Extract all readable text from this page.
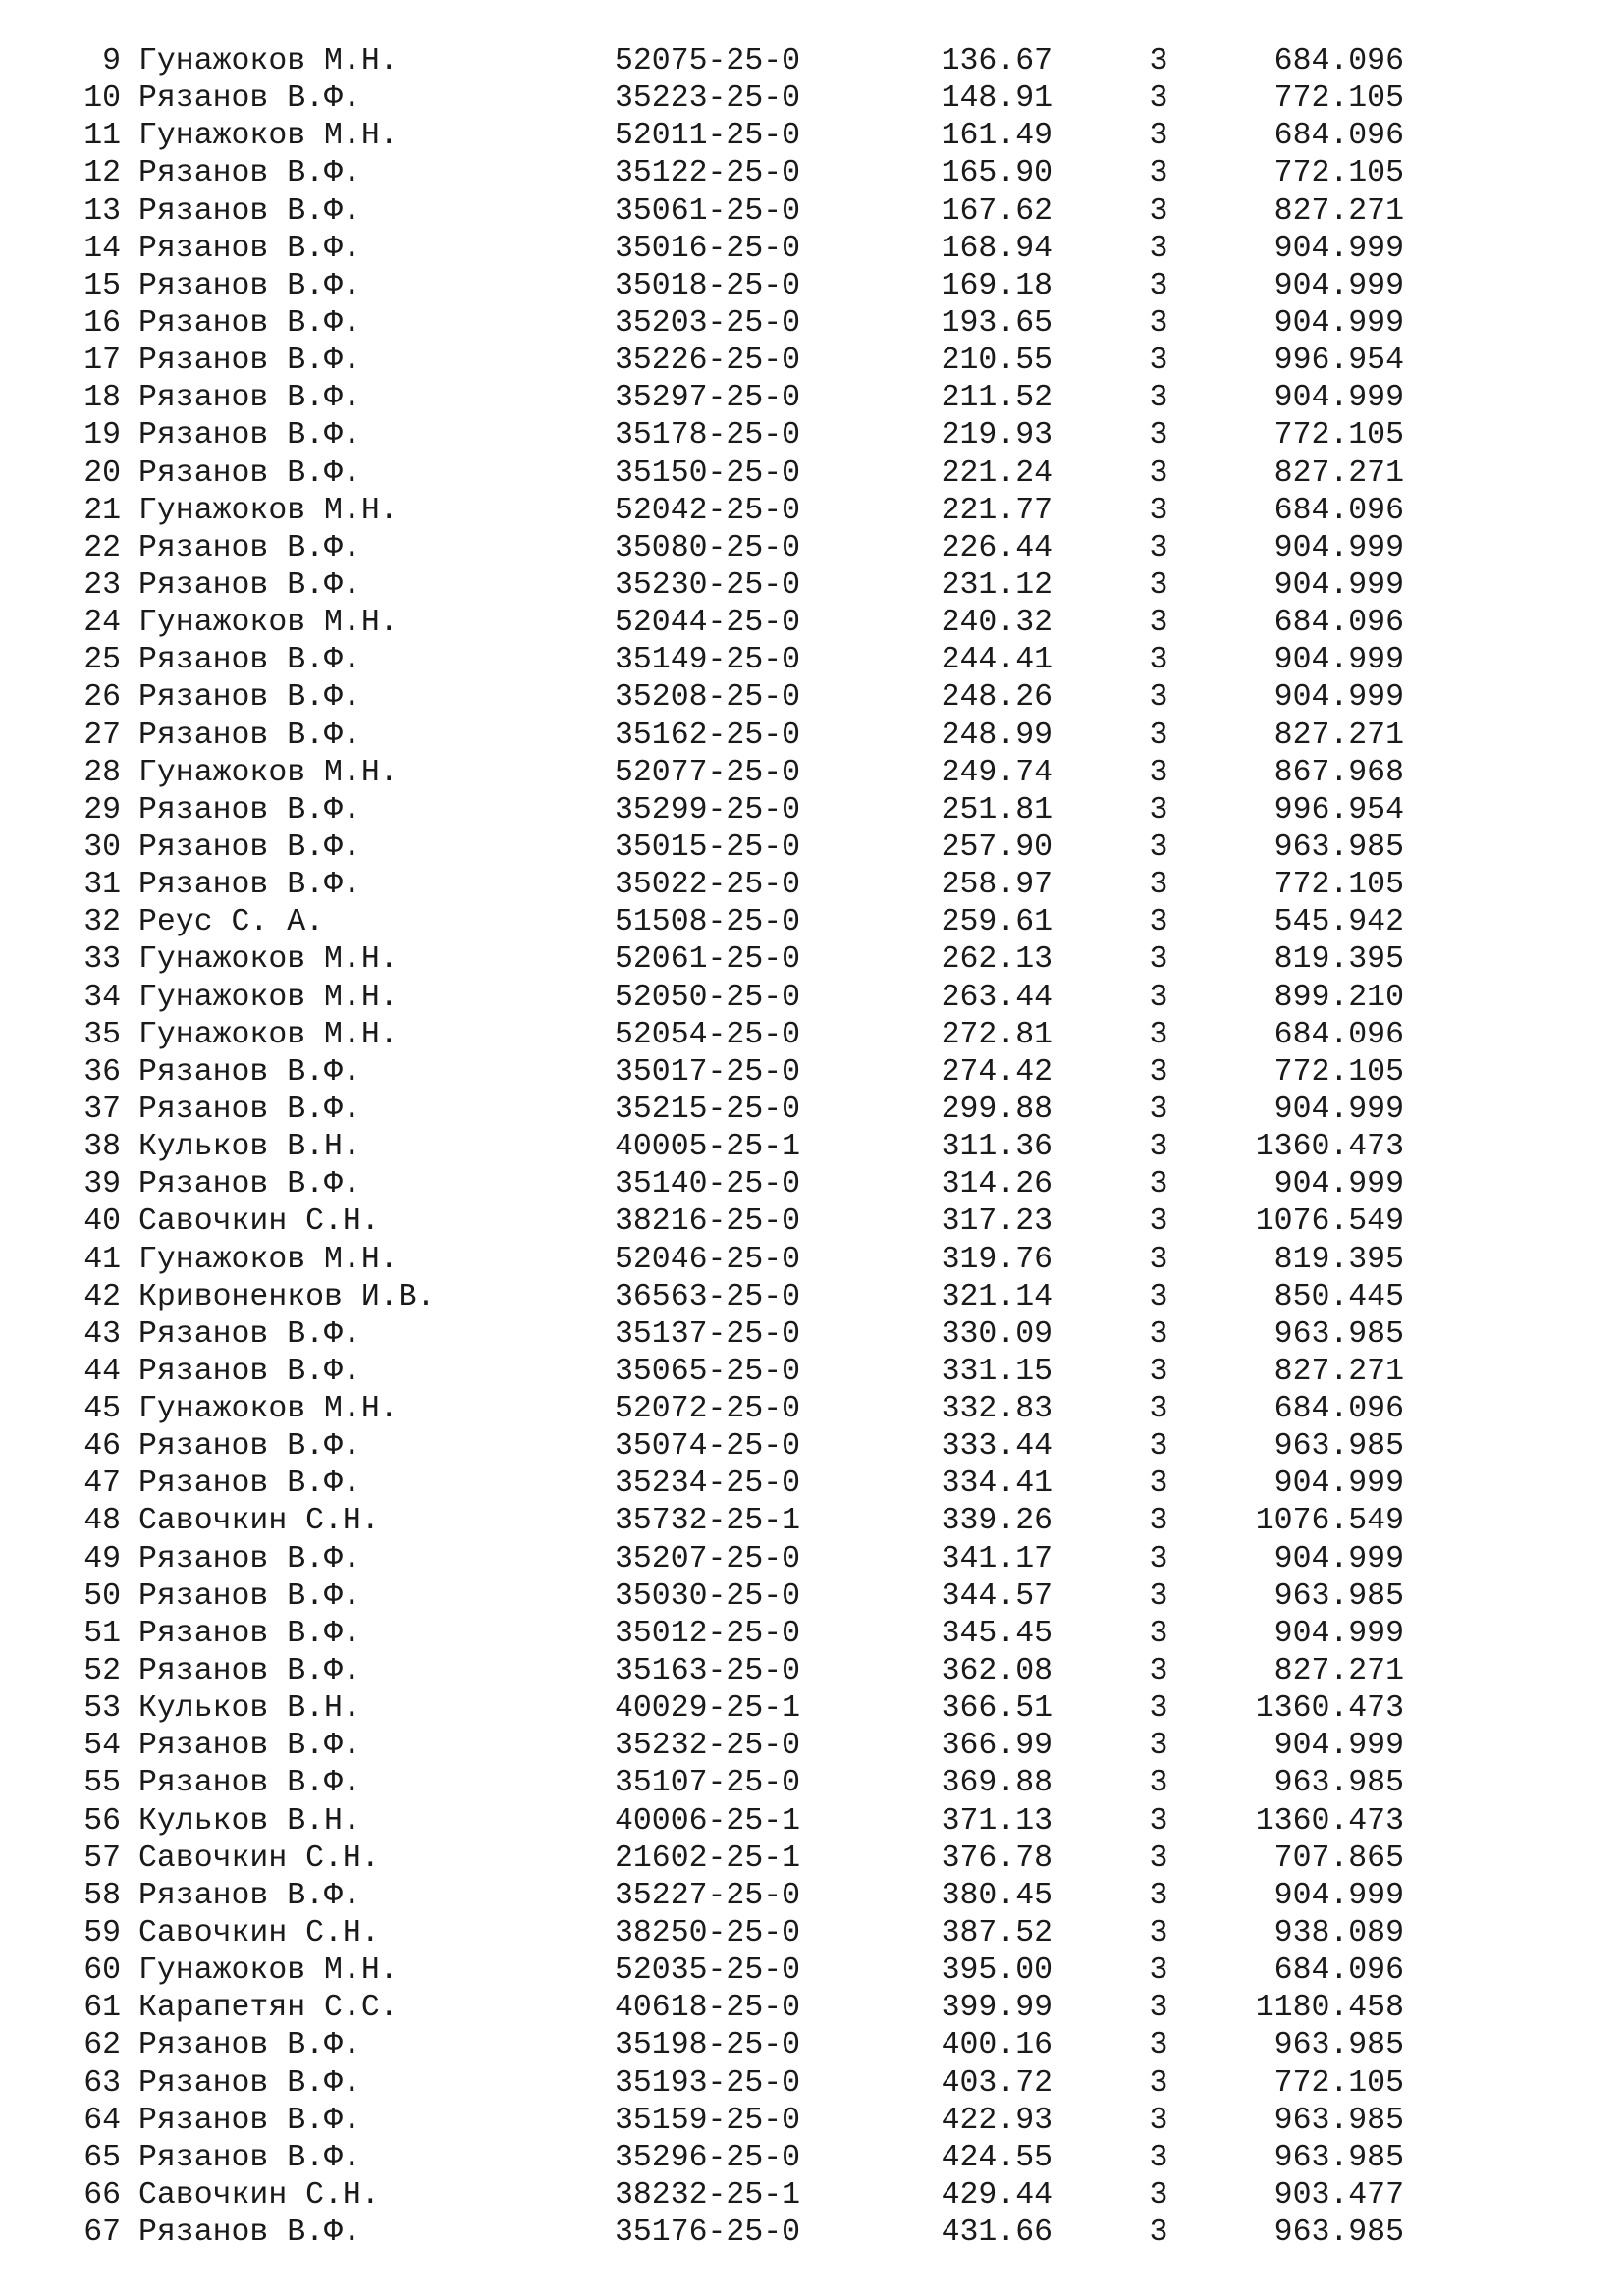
9 Гунажоков М.Н.	52075-25-0	136.67	3	684.096
10 Рязанов В.Ф.	35223-25-0	148.91	3	772.105
11 Гунажоков М.Н.	52011-25-0	161.49	3	684.096
12 Рязанов В.Ф.	35122-25-0	165.90	3	772.105
13 Рязанов В.Ф.	35061-25-0	167.62	3	827.271
14 Рязанов В.Ф.	35016-25-0	168.94	3	904.999
15 Рязанов В.Ф.	35018-25-0	169.18	3	904.999
16 Рязанов В.Ф.	35203-25-0	193.65	3	904.999
17 Рязанов В.Ф.	35226-25-0	210.55	3	996.954
18 Рязанов В.Ф.	35297-25-0	211.52	3	904.999
19 Рязанов В.Ф.	35178-25-0	219.93	3	772.105
20 Рязанов В.Ф.	35150-25-0	221.24	3	827.271
21 Гунажоков М.Н.	52042-25-0	221.77	3	684.096
22 Рязанов В.Ф.	35080-25-0	226.44	3	904.999
23 Рязанов В.Ф.	35230-25-0	231.12	3	904.999
24 Гунажоков М.Н.	52044-25-0	240.32	3	684.096
25 Рязанов В.Ф.	35149-25-0	244.41	3	904.999
26 Рязанов В.Ф.	35208-25-0	248.26	3	904.999
27 Рязанов В.Ф.	35162-25-0	248.99	3	827.271
28 Гунажоков М.Н.	52077-25-0	249.74	3	867.968
29 Рязанов В.Ф.	35299-25-0	251.81	3	996.954
30 Рязанов В.Ф.	35015-25-0	257.90	3	963.985
31 Рязанов В.Ф.	35022-25-0	258.97	3	772.105
32 Реус С. А.	51508-25-0	259.61	3	545.942
33 Гунажоков М.Н.	52061-25-0	262.13	3	819.395
34 Гунажоков М.Н.	52050-25-0	263.44	3	899.210
35 Гунажоков М.Н.	52054-25-0	272.81	3	684.096
36 Рязанов В.Ф.	35017-25-0	274.42	3	772.105
37 Рязанов В.Ф.	35215-25-0	299.88	3	904.999
38 Кульков В.Н.	40005-25-1	311.36	3	1360.473
39 Рязанов В.Ф.	35140-25-0	314.26	3	904.999
40 Савочкин С.Н.	38216-25-0	317.23	3	1076.549
41 Гунажоков М.Н.	52046-25-0	319.76	3	819.395
42 Кривоненков И.В.	36563-25-0	321.14	3	850.445
43 Рязанов В.Ф.	35137-25-0	330.09	3	963.985
44 Рязанов В.Ф.	35065-25-0	331.15	3	827.271
45 Гунажоков М.Н.	52072-25-0	332.83	3	684.096
46 Рязанов В.Ф.	35074-25-0	333.44	3	963.985
47 Рязанов В.Ф.	35234-25-0	334.41	3	904.999
48 Савочкин С.Н.	35732-25-1	339.26	3	1076.549
49 Рязанов В.Ф.	35207-25-0	341.17	3	904.999
50 Рязанов В.Ф.	35030-25-0	344.57	3	963.985
51 Рязанов В.Ф.	35012-25-0	345.45	3	904.999
52 Рязанов В.Ф.	35163-25-0	362.08	3	827.271
53 Кульков В.Н.	40029-25-1	366.51	3	1360.473
54 Рязанов В.Ф.	35232-25-0	366.99	3	904.999
55 Рязанов В.Ф.	35107-25-0	369.88	3	963.985
56 Кульков В.Н.	40006-25-1	371.13	3	1360.473
57 Савочкин С.Н.	21602-25-1	376.78	3	707.865
58 Рязанов В.Ф.	35227-25-0	380.45	3	904.999
59 Савочкин С.Н.	38250-25-0	387.52	3	938.089
60 Гунажоков М.Н.	52035-25-0	395.00	3	684.096
61 Карапетян С.С.	40618-25-0	399.99	3	1180.458
62 Рязанов В.Ф.	35198-25-0	400.16	3	963.985
63 Рязанов В.Ф.	35193-25-0	403.72	3	772.105
64 Рязанов В.Ф.	35159-25-0	422.93	3	963.985
65 Рязанов В.Ф.	35296-25-0	424.55	3	963.985
66 Савочкин С.Н.	38232-25-1	429.44	3	903.477
67 Рязанов В.Ф.	35176-25-0	431.66	3	963.985
